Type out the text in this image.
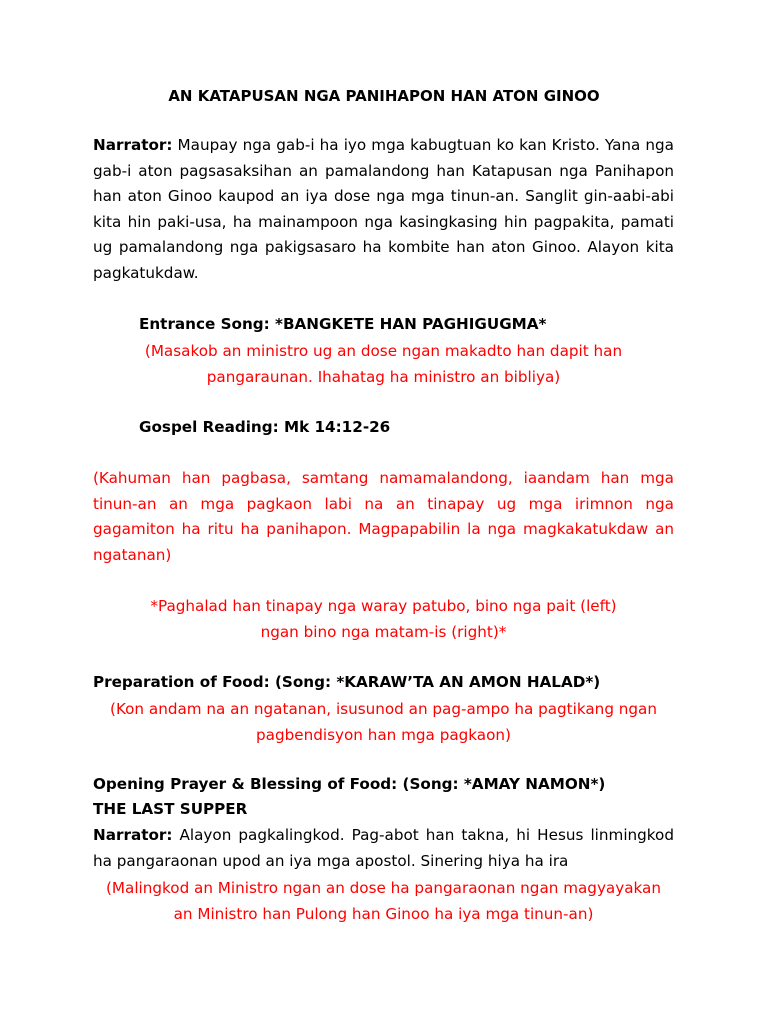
AN KATAPUSAN NGA PANIHAPON HAN ATON GINOO
Narrator: Maupay nga gab-i ha iyo mga kabugtuan ko kan Kristo. Yana nga gab-i aton pagsasaksihan an pamalandong han Katapusan nga Panihapon han aton Ginoo kaupod an iya dose nga mga tinun-an. Sanglit gin-aabi-abi kita hin paki-usa, ha mainampoon nga kasingkasing hin pagpakita, pamati ug pamalandong nga pakigsasaro ha kombite han aton Ginoo. Alayon kita pagkatukdaw.
Entrance Song: *BANGKETE HAN PAGHIGUGMA*
(Masakob an ministro ug an dose ngan makadto han dapit han
pangaraunan. Ihahatag ha ministro an bibliya)
Gospel Reading: Mk 14:12-26
(Kahuman han pagbasa, samtang namamalandong, iaandam han mga tinun-an an mga pagkaon labi na an tinapay ug mga irimnon nga gagamiton ha ritu ha panihapon. Magpapabilin la nga magkakatukdaw an ngatanan)
*Paghalad han tinapay nga waray patubo, bino nga pait (left)
ngan bino nga matam-is (right)*
Preparation of Food: (Song: *KARAW’TA AN AMON HALAD*)
(Kon andam na an ngatanan, isusunod an pag-ampo ha pagtikang ngan
pagbendisyon han mga pagkaon)
Opening Prayer & Blessing of Food: (Song: *AMAY NAMON*)
THE LAST SUPPER
Narrator: Alayon pagkalingkod. Pag-abot han takna, hi Hesus linmingkod ha pangaraonan upod an iya mga apostol. Sinering hiya ha ira
(Malingkod an Ministro ngan an dose ha pangaraonan ngan magyayakan
an Ministro han Pulong han Ginoo ha iya mga tinun-an)
